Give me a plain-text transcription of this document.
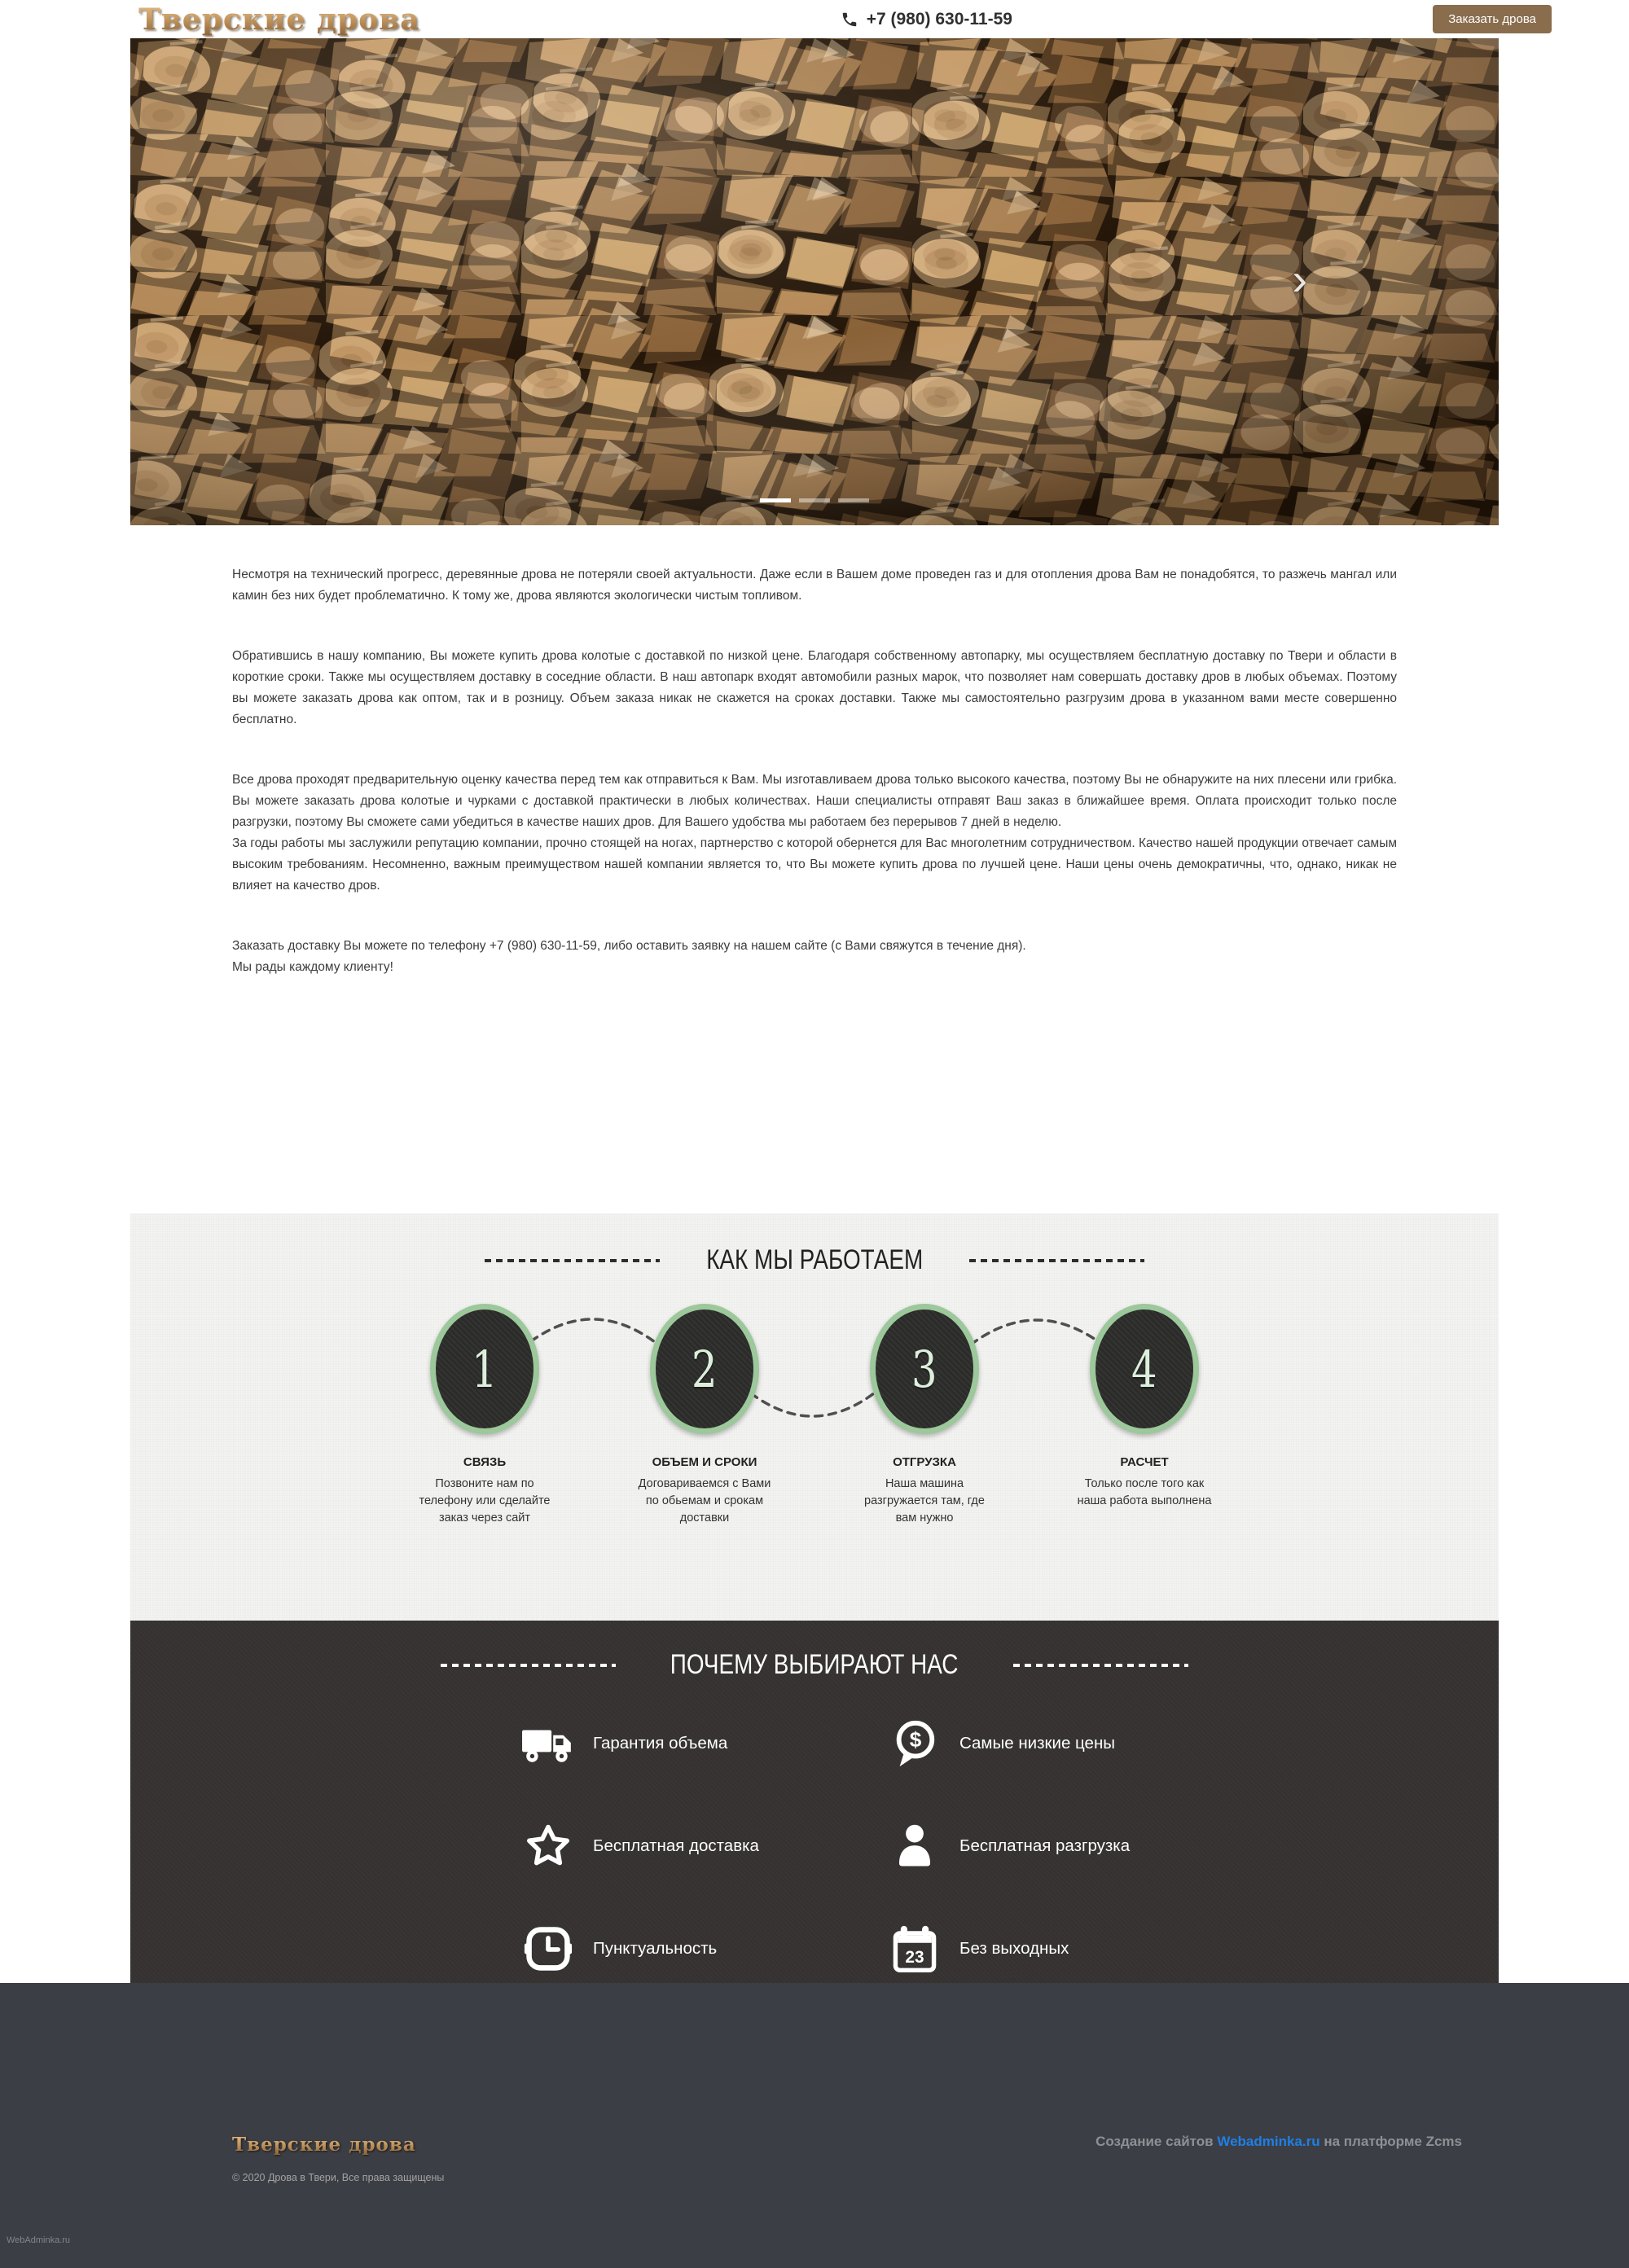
Тверские дрова	+7 (980) 630-11-59	Заказать дрова
›

Несмотря на технический прогресс, деревянные дрова не потеряли своей актуальности. Даже если в Вашем доме проведен газ и для отопления дрова Вам не понадобятся, то разжечь мангал или камин без них будет проблематично. К тому же, дрова являются экологически чистым топливом.

Обратившись в нашу компанию, Вы можете купить дрова колотые с доставкой по низкой цене. Благодаря собственному автопарку, мы осуществляем бесплатную доставку по Твери и области в короткие сроки. Также мы осуществляем доставку в соседние области. В наш автопарк входят автомобили разных марок, что позволяет нам совершать доставку дров в любых объемах. Поэтому вы можете заказать дрова как оптом, так и в розницу. Объем заказа никак не скажется на сроках доставки. Также мы самостоятельно разгрузим дрова в указанном вами месте совершенно бесплатно.

Все дрова проходят предварительную оценку качества перед тем как отправиться к Вам. Мы изготавливаем дрова только высокого качества, поэтому Вы не обнаружите на них плесени или грибка. Вы можете заказать дрова колотые и чурками с доставкой практически в любых количествах. Наши специалисты отправят Ваш заказ в ближайшее время. Оплата происходит только после разгрузки, поэтому Вы сможете сами убедиться в качестве наших дров. Для Вашего удобства мы работаем без перерывов 7 дней в неделю.

За годы работы мы заслужили репутацию компании, прочно стоящей на ногах, партнерство с которой обернется для Вас многолетним сотрудничеством. Качество нашей продукции отвечает самым высоким требованиям. Несомненно, важным преимуществом нашей компании является то, что Вы можете купить дрова по лучшей цене. Наши цены очень демократичны, что, однако, никак не влияет на качество дров.

Заказать доставку Вы можете по телефону +7 (980) 630-11-59, либо оставить заявку на нашем сайте (с Вами свяжутся в течение дня).

Мы рады каждому клиенту!

КАК МЫ РАБОТАЕМ
1
СВЯЗЬ
Позвоните нам по телефону или сделайте заказ через сайт
2
ОБЪЕМ И СРОКИ
Договариваемся с Вами по обьемам и срокам доставки
3
ОТГРУЗКА
Наша машина разгружается там, где вам нужно
4
РАСЧЕТ
Только после того как наша работа выполнена
ПОЧЕМУ ВЫБИРАЮТ НАС
Гарантия объема	$ Самые низкие цены
Бесплатная доставка	Бесплатная разгрузка
Пунктуальность	23 Без выходных
Тверские дрова
© 2020 Дрова в Твери, Все права защищены
Создание сайтов Webadminka.ru на платформе Zcms
WebAdminka.ru
